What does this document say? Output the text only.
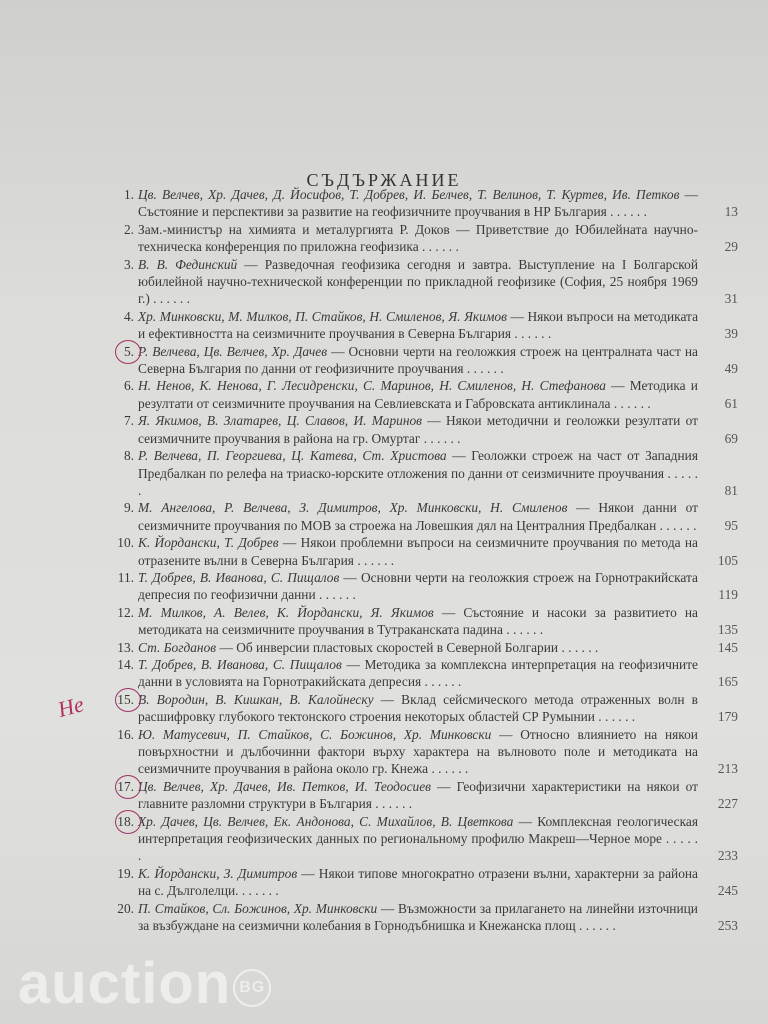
СЪДЪРЖАНИЕ
1. Цв. Велчев, Хр. Дачев, Д. Йосифов, Т. Добрев, И. Белчев, Т. Велинов, Т. Куртев, Ив. Петков — Състояние и перспективи за развитие на геофизичните проучвания в НР България . . . . . .	13
2. Зам.-министър на химията и металургията Р. Доков — Приветствие до Юбилейната научно-техническа конференция по приложна геофизика . . . . . .	29
3. В. В. Фединский — Разведочная геофизика сегодня и завтра. Выступление на I Болгарской юбилейной научно-технической конференции по прикладной геофизике (София, 25 ноября 1969 г.) . . . . . .	31
4. Хр. Минковски, М. Милков, П. Стайков, Н. Смиленов, Я. Якимов — Някои въпроси на методиката и ефективността на сеизмичните проучвания в Северна България . . . . . .	39
5. Р. Велчева, Цв. Велчев, Хр. Дачев — Основни черти на геоложкия строеж на централната част на Северна България по данни от геофизичните проучвания . . . . . .	49
6. Н. Ненов, К. Ненова, Г. Лесидренски, С. Маринов, Н. Смиленов, Н. Стефанова — Методика и резултати от сеизмичните проучвания на Севлиевската и Габровската антиклинала . . . . . .	61
7. Я. Якимов, В. Златарев, Ц. Славов, И. Маринов — Някои методични и геоложки резултати от сеизмичните проучвания в района на гр. Омуртаг . . . . . .	69
8. Р. Велчева, П. Георгиева, Ц. Катева, Ст. Христова — Геоложки строеж на част от Западния Предбалкан по релефа на триаско-юрските отложения по данни от сеизмичните проучвания . . . . . .	81
9. М. Ангелова, Р. Велчева, З. Димитров, Хр. Минковски, Н. Смиленов — Някои данни от сеизмичните проучвания по МОВ за строежа на Ловешкия дял на Централния Предбалкан . . . . . .	95
10. К. Йордански, Т. Добрев — Някои проблемни въпроси на сеизмичните проучвания по метода на отразените вълни в Северна България . . . . . .	105
11. Т. Добрев, В. Иванова, С. Пищалов — Основни черти на геоложкия строеж на Горнотракийската депресия по геофизични данни . . . . . .	119
12. М. Милков, А. Велев, К. Йордански, Я. Якимов — Състояние и насоки за развитието на методиката на сеизмичните проучвания в Тутраканската падина . . . . . .	135
13. Ст. Богданов — Об инверсии пластовых скоростей в Северной Болгарии . . . . . .	145
14. Т. Добрев, В. Иванова, С. Пищалов — Методика за комплексна интерпретация на геофизичните данни в условията на Горнотракийската депресия . . . . . .	165
15. В. Вородин, В. Кишкан, В. Калойнеску — Вклад сейсмического метода отраженных волн в расшифровку глубокого тектонского строения некоторых областей СР Румынии . . . . . .	179
16. Ю. Матусевич, П. Стайков, С. Божинов, Хр. Минковски — Относно влиянието на някои повърхностни и дълбочинни фактори върху характера на вълновото поле и методиката на сеизмичните проучвания в района около гр. Кнежа . . . . . .	213
17. Цв. Велчев, Хр. Дачев, Ив. Петков, И. Теодосиев — Геофизични характеристики на някои от главните разломни структури в България . . . . . .	227
18. Хр. Дачев, Цв. Велчев, Ек. Андонова, С. Михайлов, В. Цветкова — Комплексная геологическая интерпретация геофизических данных по региональному профилю Макреш—Черное море . . . . . .	233
19. К. Йордански, З. Димитров — Някои типове многократно отразени вълни, характерни за района на с. Дълголелци. . . . . . .	245
20. П. Стайков, Сл. Божинов, Хр. Минковски — Възможности за прилагането на линейни източници за възбуждане на сеизмични колебания в Горнодъбнишка и Кнежанска площ . . . . . .	253
Не
auction BG
